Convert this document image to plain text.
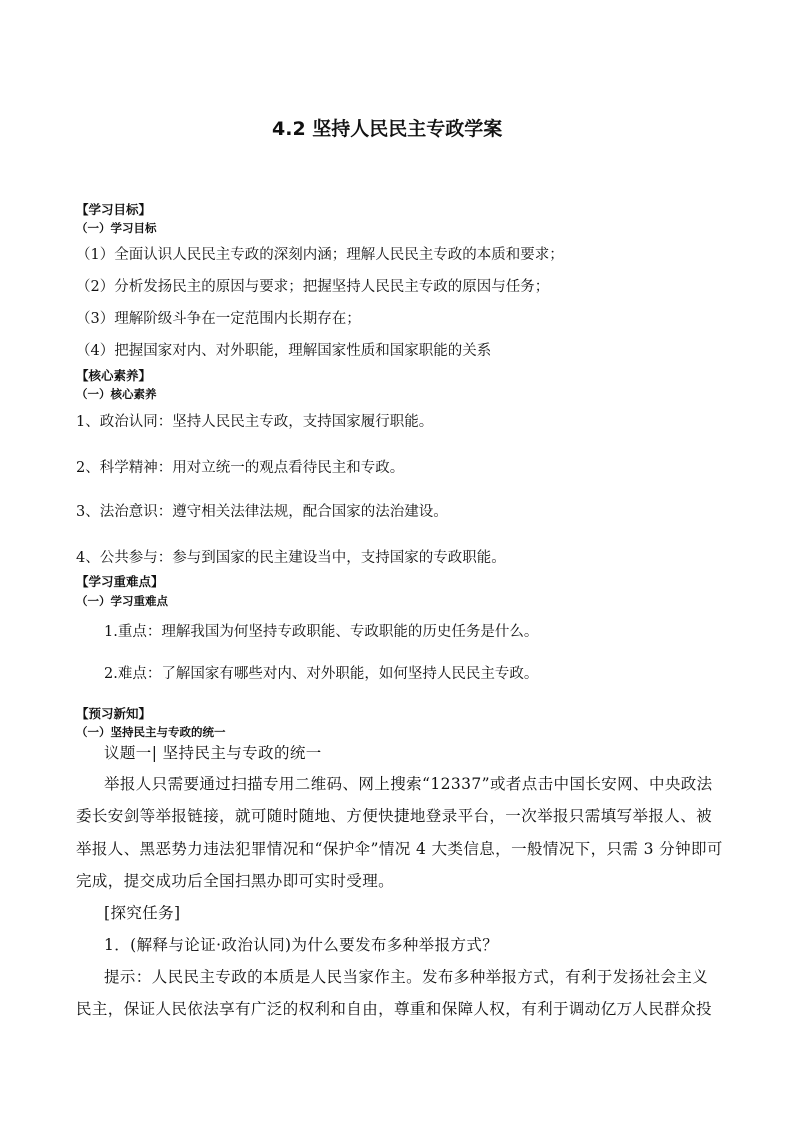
4.2 坚持人民民主专政学案
【学习目标】
（一）学习目标
（1）全面认识人民民主专政的深刻内涵；理解人民民主专政的本质和要求；
（2）分析发扬民主的原因与要求；把握坚持人民民主专政的原因与任务；
（3）理解阶级斗争在一定范围内长期存在；
（4）把握国家对内、对外职能，理解国家性质和国家职能的关系
【核心素养】
（一）核心素养
1、政治认同：坚持人民民主专政，支持国家履行职能。
2、科学精神：用对立统一的观点看待民主和专政。
3、法治意识：遵守相关法律法规，配合国家的法治建设。
4、公共参与：参与到国家的民主建设当中，支持国家的专政职能。
【学习重难点】
（一）学习重难点
1.重点：理解我国为何坚持专政职能、专政职能的历史任务是什么。
2.难点：了解国家有哪些对内、对外职能，如何坚持人民民主专政。
【预习新知】
（一）坚持民主与专政的统一
议题一| 坚持民主与专政的统一
举报人只需要通过扫描专用二维码、网上搜索“12337”或者点击中国长安网、中央政法
委长安剑等举报链接，就可随时随地、方便快捷地登录平台，一次举报只需填写举报人、被
举报人、黑恶势力违法犯罪情况和“保护伞”情况 4 大类信息，一般情况下，只需 3 分钟即可
完成，提交成功后全国扫黑办即可实时受理。
[探究任务]
1．(解释与论证·政治认同)为什么要发布多种举报方式？
提示：人民民主专政的本质是人民当家作主。发布多种举报方式，有利于发扬社会主义
民主，保证人民依法享有广泛的权利和自由，尊重和保障人权，有利于调动亿万人民群众投
